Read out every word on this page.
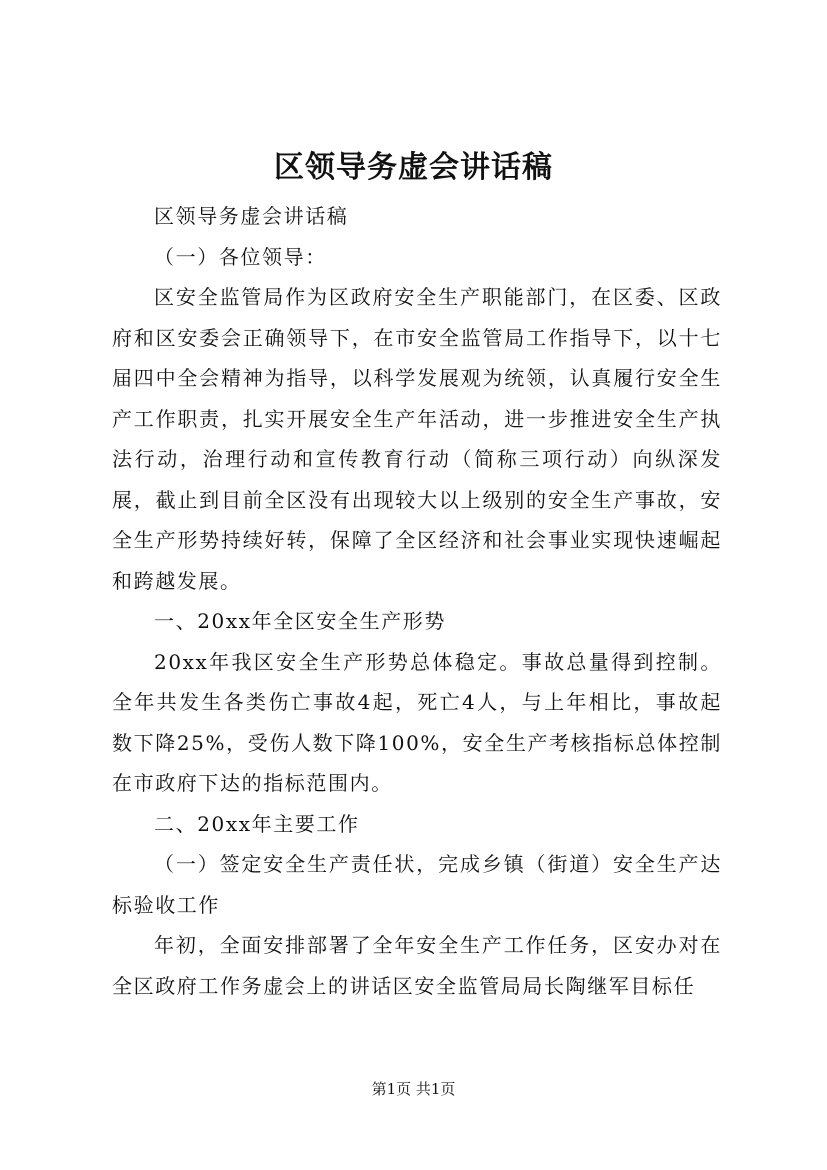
区领导务虚会讲话稿

区领导务虚会讲话稿

（一）各位领导：

区安全监管局作为区政府安全生产职能部门，在区委、区政府和区安委会正确领导下，在市安全监管局工作指导下，以十七届四中全会精神为指导，以科学发展观为统领，认真履行安全生产工作职责，扎实开展安全生产年活动，进一步推进安全生产执法行动，治理行动和宣传教育行动（简称三项行动）向纵深发展，截止到目前全区没有出现较大以上级别的安全生产事故，安全生产形势持续好转，保障了全区经济和社会事业实现快速崛起和跨越发展。

一、20xx年全区安全生产形势

20xx年我区安全生产形势总体稳定。事故总量得到控制。全年共发生各类伤亡事故4起，死亡4人，与上年相比，事故起数下降25%，受伤人数下降100%，安全生产考核指标总体控制在市政府下达的指标范围内。

二、20xx年主要工作

（一）签定安全生产责任状，完成乡镇（街道）安全生产达标验收工作

年初，全面安排部署了全年安全生产工作任务，区安办对在全区政府工作务虚会上的讲话区安全监管局局长陶继军目标任

第1页 共1页
